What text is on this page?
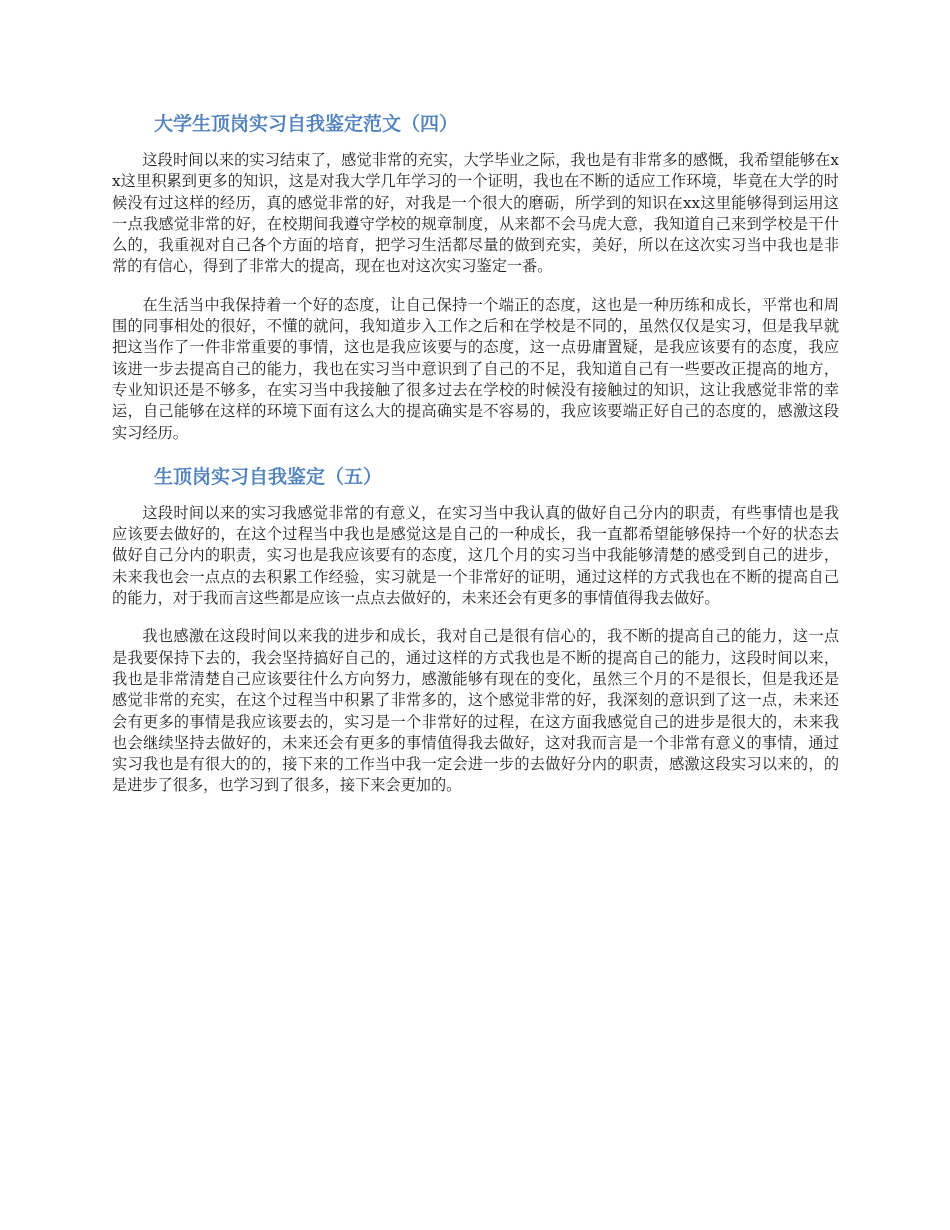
大学生顶岗实习自我鉴定范文（四）

这段时间以来的实习结束了，感觉非常的充实，大学毕业之际，我也是有非常多的感慨，我希望能够在xx这里积累到更多的知识，这是对我大学几年学习的一个证明，我也在不断的适应工作环境，毕竟在大学的时候没有过这样的经历，真的感觉非常的好，对我是一个很大的磨砺，所学到的知识在xx这里能够得到运用这一点我感觉非常的好，在校期间我遵守学校的规章制度，从来都不会马虎大意，我知道自己来到学校是干什么的，我重视对自己各个方面的培育，把学习生活都尽量的做到充实，美好，所以在这次实习当中我也是非常的有信心，得到了非常大的提高，现在也对这次实习鉴定一番。

在生活当中我保持着一个好的态度，让自己保持一个端正的态度，这也是一种历练和成长，平常也和周围的同事相处的很好，不懂的就问，我知道步入工作之后和在学校是不同的，虽然仅仅是实习，但是我早就把这当作了一件非常重要的事情，这也是我应该要与的态度，这一点毋庸置疑，是我应该要有的态度，我应该进一步去提高自己的能力，我也在实习当中意识到了自己的不足，我知道自己有一些要改正提高的地方，专业知识还是不够多，在实习当中我接触了很多过去在学校的时候没有接触过的知识，这让我感觉非常的幸运，自己能够在这样的环境下面有这么大的提高确实是不容易的，我应该要端正好自己的态度的，感激这段实习经历。

生顶岗实习自我鉴定（五）

这段时间以来的实习我感觉非常的有意义，在实习当中我认真的做好自己分内的职责，有些事情也是我应该要去做好的，在这个过程当中我也是感觉这是自己的一种成长，我一直都希望能够保持一个好的状态去做好自己分内的职责，实习也是我应该要有的态度，这几个月的实习当中我能够清楚的感受到自己的进步，未来我也会一点点的去积累工作经验，实习就是一个非常好的证明，通过这样的方式我也在不断的提高自己的能力，对于我而言这些都是应该一点点去做好的，未来还会有更多的事情值得我去做好。

我也感激在这段时间以来我的进步和成长，我对自己是很有信心的，我不断的提高自己的能力，这一点是我要保持下去的，我会坚持搞好自己的，通过这样的方式我也是不断的提高自己的能力，这段时间以来，我也是非常清楚自己应该要往什么方向努力，感激能够有现在的变化，虽然三个月的不是很长，但是我还是感觉非常的充实，在这个过程当中积累了非常多的，这个感觉非常的好，我深刻的意识到了这一点，未来还会有更多的事情是我应该要去的，实习是一个非常好的过程，在这方面我感觉自己的进步是很大的，未来我也会继续坚持去做好的，未来还会有更多的事情值得我去做好，这对我而言是一个非常有意义的事情，通过实习我也是有很大的的，接下来的工作当中我一定会进一步的去做好分内的职责，感激这段实习以来的，的是进步了很多，也学习到了很多，接下来会更加的。
